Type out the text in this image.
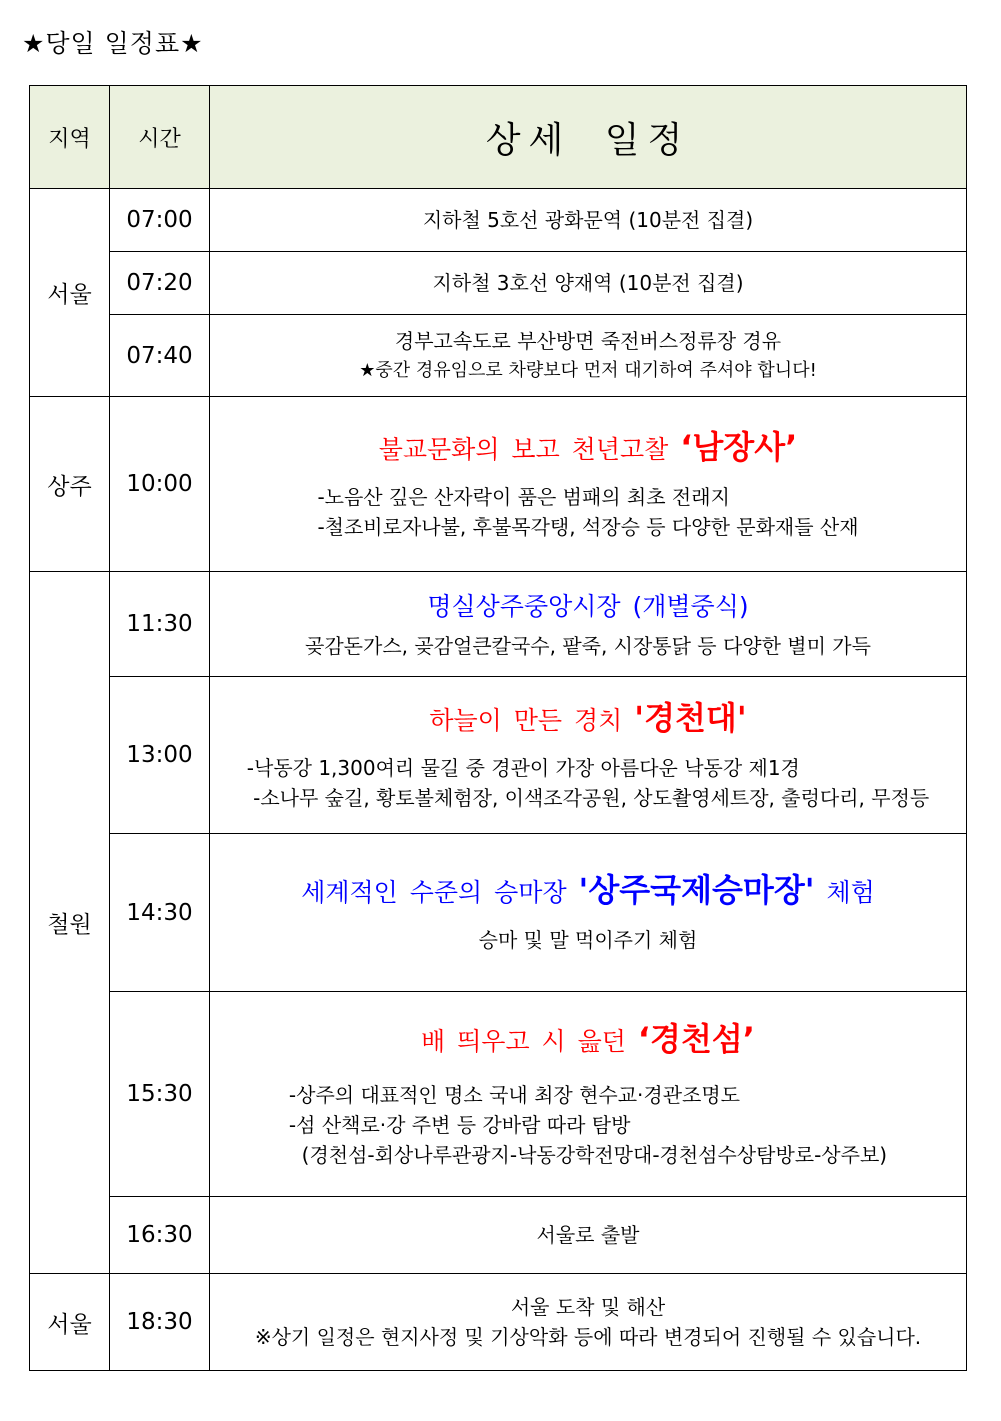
★당일 일정표★
지역	시간	상세 일정
서울	07:00	지하철 5호선 광화문역 (10분전 집결)

	07:20	지하철 3호선 양재역 (10분전 집결)

	07:40	경부고속도로 부산방면 죽전버스정류장 경유
★중간 경유임으로 차량보다 먼저 대기하여 주셔야 합니다!

상주	10:00	불교문화의 보고 천년고찰 ‘남장사’
-노음산 깊은 산자락이 품은 범패의 최초 전래지
-철조비로자나불, 후불목각탱, 석장승 등 다양한 문화재들 산재

철원	11:30	명실상주중앙시장 (개별중식)
곶감돈가스, 곶감얼큰칼국수, 팥죽, 시장통닭 등 다양한 별미 가득

	13:00	하늘이 만든 경치 '경천대'
-낙동강 1,300여리 물길 중 경관이 가장 아름다운 낙동강 제1경
-소나무 숲길, 황토볼체험장, 이색조각공원, 상도촬영세트장, 출렁다리, 무정등

	14:30	세계적인 수준의 승마장 '상주국제승마장' 체험
승마 및 말 먹이주기 체험

	15:30	배 띄우고 시 읊던 ‘경천섬’
-상주의 대표적인 명소 국내 최장 현수교·경관조명도
-섬 산책로·강 주변 등 강바람 따라 탐방
(경천섬-회상나루관광지-낙동강학전망대-경천섬수상탐방로-상주보)

	16:30	서울로 출발

서울	18:30	서울 도착 및 해산
※상기 일정은 현지사정 및 기상악화 등에 따라 변경되어 진행될 수 있습니다.
